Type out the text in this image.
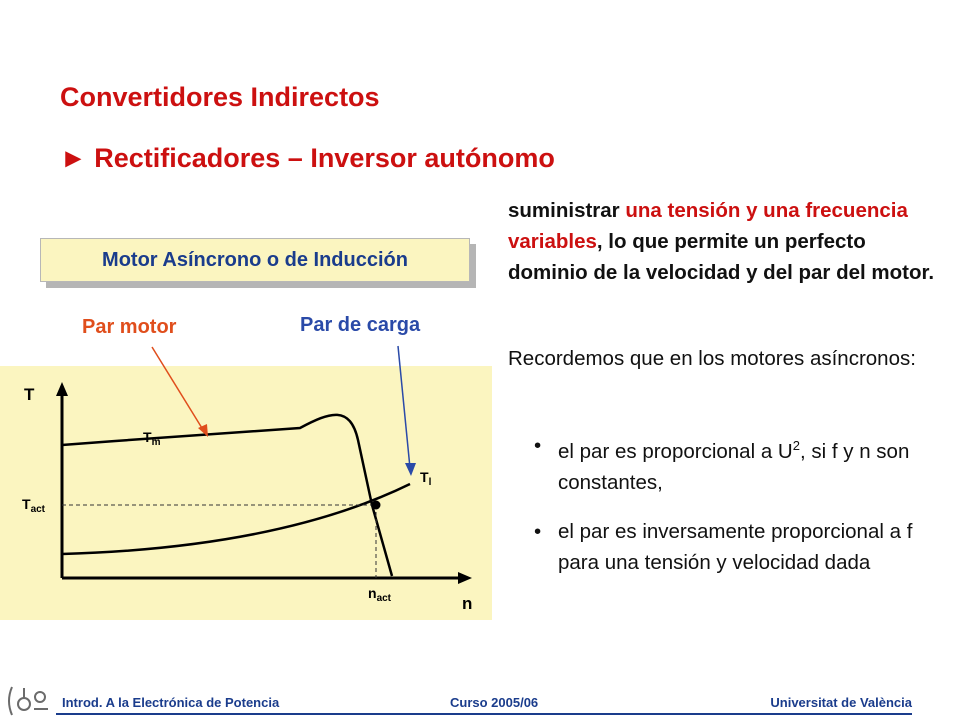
Convertidores Indirectos
► Rectificadores – Inversor autónomo
Motor Asíncrono o de Inducción
Par motor	Par de carga
T
n
$T_m$
$T_l$
$T_{act}$
$n_{act}$
suministrar una tensión y una frecuencia variables, lo que permite un perfecto dominio de la velocidad y del par del motor.
Recordemos que en los motores asíncronos:
• el par es proporcional a $U^2$, si f y n son constantes,
• el par es inversamente proporcional a f para una tensión y velocidad dada
Introd. A la Electrónica de Potencia	Curso 2005/06	Universitat de València
